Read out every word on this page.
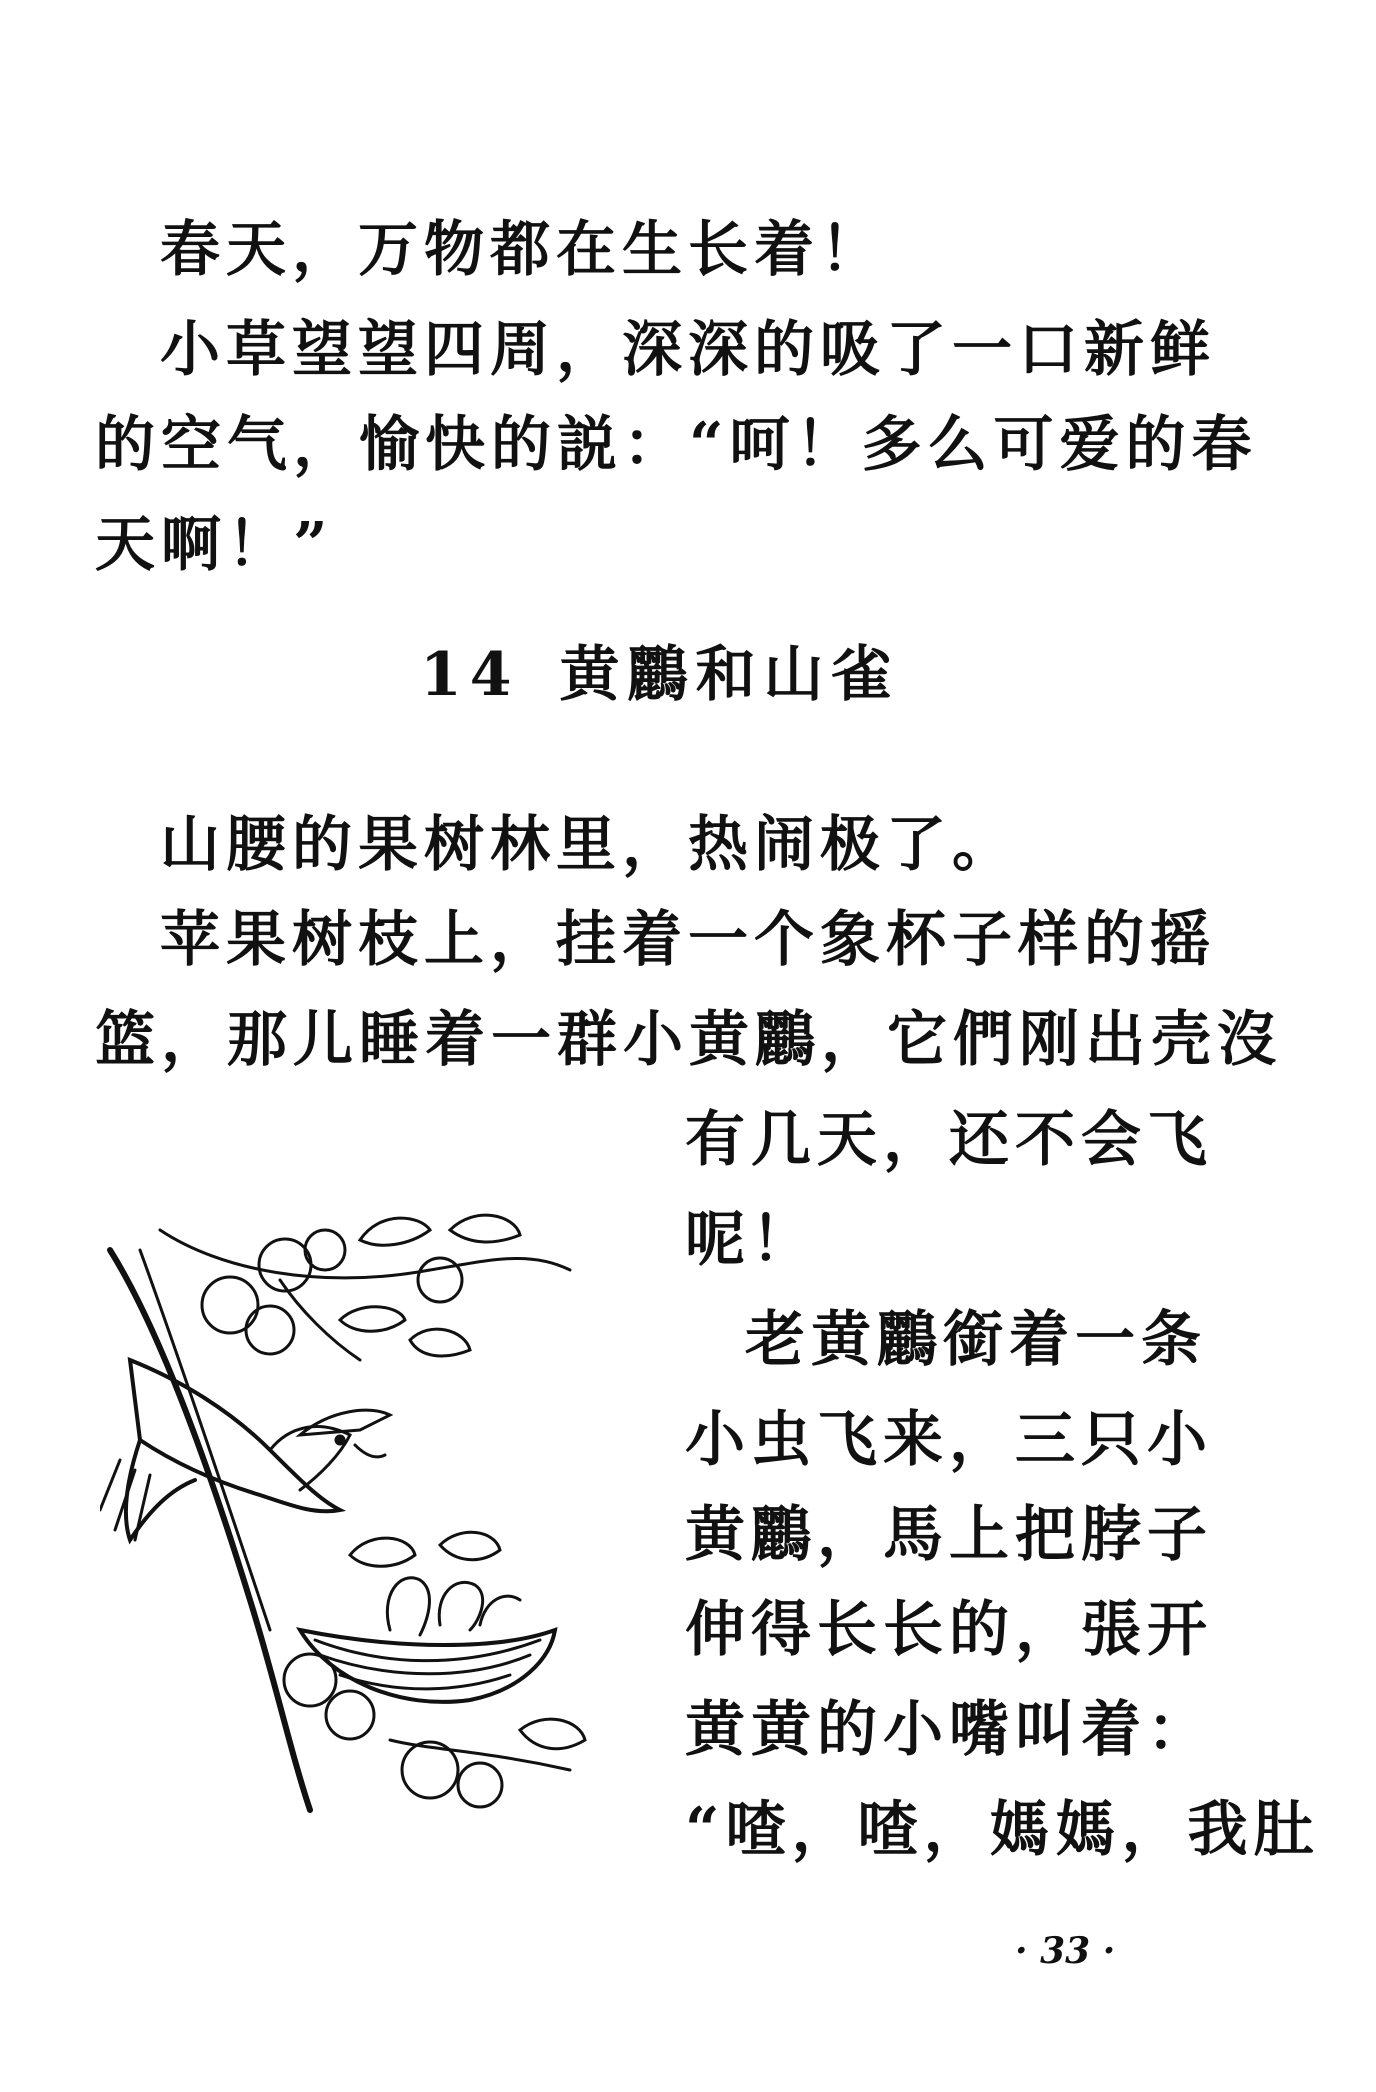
春天，万物都在生长着！

小草望望四周，深深的吸了一口新鲜

的空气，愉快的説：“呵！多么可爱的春

天啊！”

14 黄鸝和山雀

山腰的果树林里，热闹极了。

苹果树枝上，挂着一个象杯子样的摇

篮，那儿睡着一群小黄鸝，它們刚出壳沒

有几天，还不会飞

呢！

老黄鸝銜着一条

小虫飞来，三只小

黄鸝，馬上把脖子

伸得长长的，張开

黄黄的小嘴叫着：

“喳，喳，媽媽，我肚

· 33 ·
